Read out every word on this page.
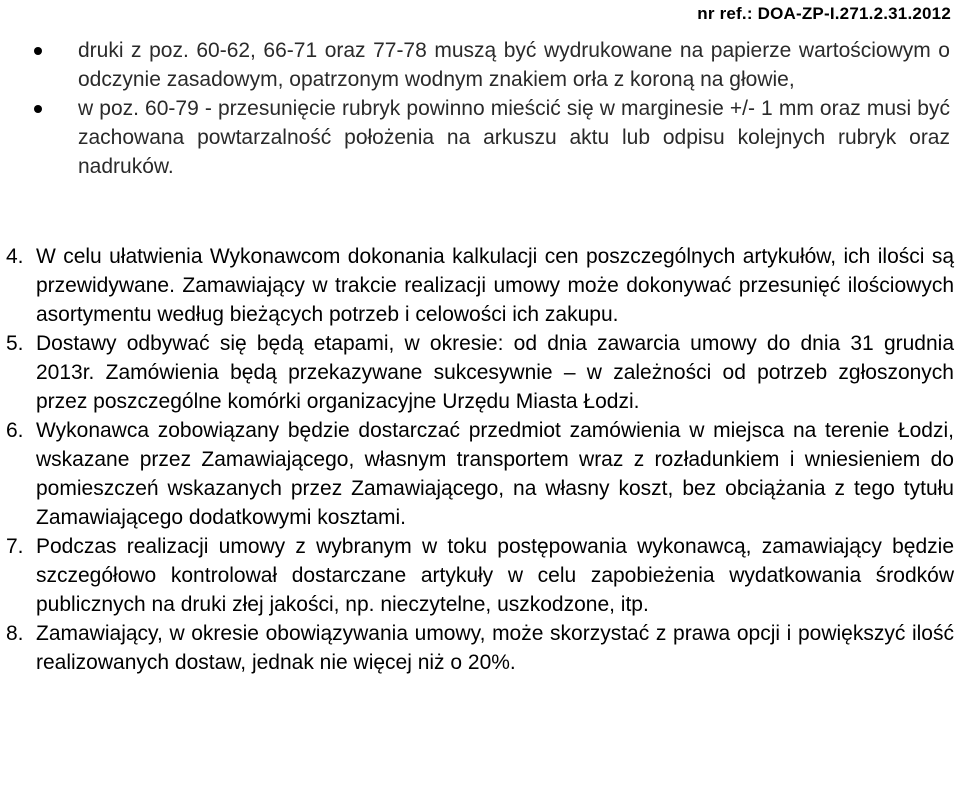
nr ref.: DOA-ZP-I.271.2.31.2012
druki z poz. 60-62, 66-71 oraz 77-78 muszą być wydrukowane na papierze wartościowym o odczynie zasadowym, opatrzonym wodnym znakiem orła z koroną na głowie,
w poz. 60-79 - przesunięcie rubryk powinno mieścić się w marginesie +/- 1 mm oraz musi być zachowana powtarzalność położenia na arkuszu aktu lub odpisu kolejnych rubryk oraz nadruków.
4. W celu ułatwienia Wykonawcom dokonania kalkulacji cen poszczególnych artykułów, ich ilości są przewidywane. Zamawiający w trakcie realizacji umowy może dokonywać przesunięć ilościowych asortymentu według bieżących potrzeb i celowości ich zakupu.
5. Dostawy odbywać się będą etapami, w okresie: od dnia zawarcia umowy do dnia 31 grudnia 2013r. Zamówienia będą przekazywane sukcesywnie – w zależności od potrzeb zgłoszonych przez poszczególne komórki organizacyjne Urzędu Miasta Łodzi.
6. Wykonawca zobowiązany będzie dostarczać przedmiot zamówienia w miejsca na terenie Łodzi, wskazane przez Zamawiającego, własnym transportem wraz z rozładunkiem i wniesieniem do pomieszczeń wskazanych przez Zamawiającego, na własny koszt, bez obciążania z tego tytułu Zamawiającego dodatkowymi kosztami.
7. Podczas realizacji umowy z wybranym w toku postępowania wykonawcą, zamawiający będzie szczegółowo kontrolował dostarczane artykuły w celu zapobieżenia wydatkowania środków publicznych na druki złej jakości, np. nieczytelne, uszkodzone, itp.
8. Zamawiający, w okresie obowiązywania umowy, może skorzystać z prawa opcji i powiększyć ilość realizowanych dostaw, jednak nie więcej niż o 20%.
